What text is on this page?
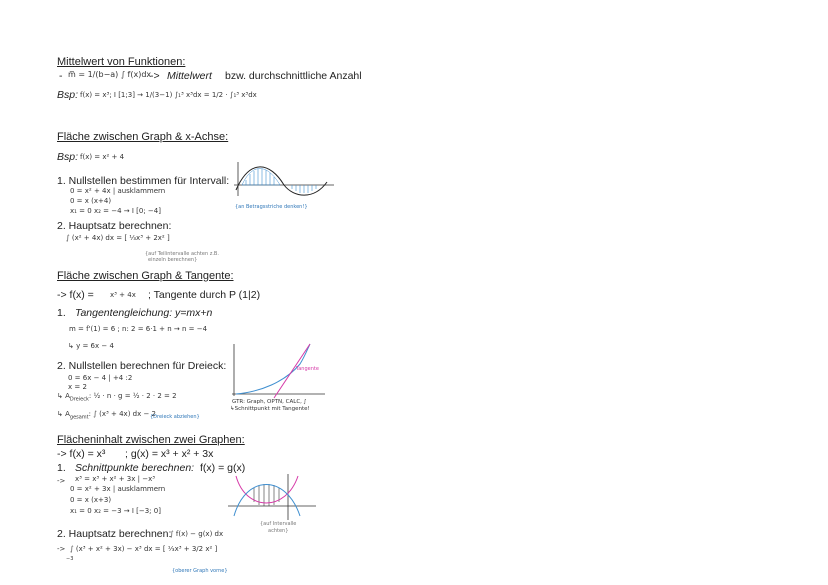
Mittelwert von Funktionen:
- m̅ = 1/(b−a) ∫ f(x)dx
-> Mittelwert bzw. durchschnittliche Anzahl
Bsp: f(x) = x³; I [1;3] → 1/(3−1) ∫₁³ x³dx = 1/2 · ∫₁³ x³dx
Fläche zwischen Graph & x-Achse:
Bsp: f(x) = x² + 4
1. Nullstellen bestimmen für Intervall:
0 = x² + 4x | ausklammern
0 = x (x+4)
x₁ = 0 x₂ = −4 → I [0; −4]
2. Hauptsatz berechnen:
∫ (x² + 4x) dx = [ ⅓x³ + 2x² ]
{auf Teilintervalle achten z.B.
einzeln berechnen}
{an Betragsstriche denken!}
Fläche zwischen Graph & Tangente:
-> f(x) = x³ + 4x ; Tangente durch P (1|2)
1. Tangentengleichung: y=mx+n
m = f'(1) = 6 ; n: 2 = 6·1 + n → n = −4
↳ y = 6x − 4
2. Nullstellen berechnen für Dreieck:
0 = 6x − 4 | +4 :2
x = 2
↳ $A_{Dreieck}$: ½ · n · g = ½ · 2 · 2 = 2
↳ $A_{gesamt}$: ∫ (x³ + 4x) dx − 2
{Dreieck abziehen}
Tangente
GTR: Graph, OPTN, CALC, ∫
↳Schnittpunkt mit Tangente!
Flächeninhalt zwischen zwei Graphen:
-> f(x) = x³ ; g(x) = x³ + x² + 3x
1. Schnittpunkte berechnen: f(x) = g(x)
-> x³ = x³ + x² + 3x | −x³
0 = x² + 3x | ausklammern
0 = x (x+3)
x₁ = 0 x₂ = −3 → I [−3; 0]
2. Hauptsatz berechnen:
∫ f(x) − g(x) dx
-> ∫ (x³ + x² + 3x) − x³ dx = [ ⅓x³ + 3/2 x² ]
−3
{oberer Graph vorne}
{auf Intervalle
achten}
